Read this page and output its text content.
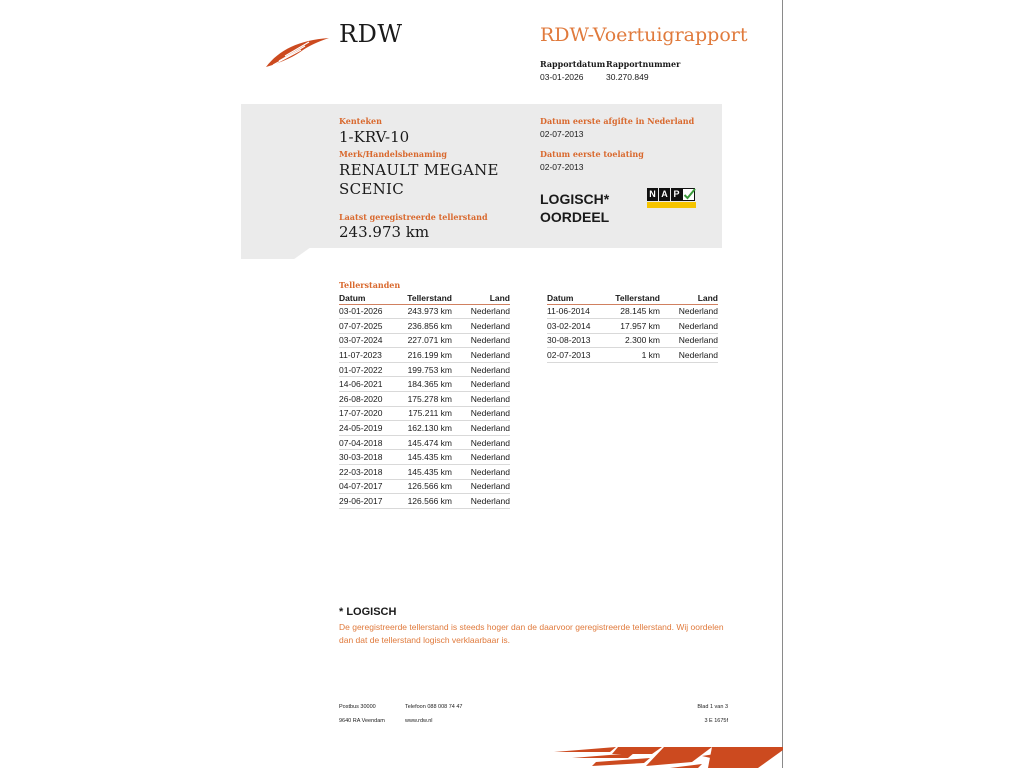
RDW	RDW-Voertuigrapport
Rapportdatum
03-01-2026
Rapportnummer
30.270.849
Kenteken
1-KRV-10
Merk/Handelsbenaming
RENAULT MEGANE
SCENIC
Laatst geregistreerde tellerstand
243.973 km
Datum eerste afgifte in Nederland
02-07-2013
Datum eerste toelating
02-07-2013
LOGISCH*
OORDEEL
N A P
Tellerstanden
Datum	Tellerstand	Land
03-01-2026	243.973 km	Nederland
07-07-2025	236.856 km	Nederland
03-07-2024	227.071 km	Nederland
11-07-2023	216.199 km	Nederland
01-07-2022	199.753 km	Nederland
14-06-2021	184.365 km	Nederland
26-08-2020	175.278 km	Nederland
17-07-2020	175.211 km	Nederland
24-05-2019	162.130 km	Nederland
07-04-2018	145.474 km	Nederland
30-03-2018	145.435 km	Nederland
22-03-2018	145.435 km	Nederland
04-07-2017	126.566 km	Nederland
29-06-2017	126.566 km	Nederland
Datum	Tellerstand	Land
11-06-2014	28.145 km	Nederland
03-02-2014	17.957 km	Nederland
30-08-2013	2.300 km	Nederland
02-07-2013	1 km	Nederland
* LOGISCH
De geregistreerde tellerstand is steeds hoger dan de daarvoor geregistreerde tellerstand. Wij oordelen dan dat de tellerstand logisch verklaarbaar is.
Postbus 30000
9640 RA Veendam
Telefoon 088 008 74 47
www.rdw.nl
Blad 1 van 3
3 E 1675f
